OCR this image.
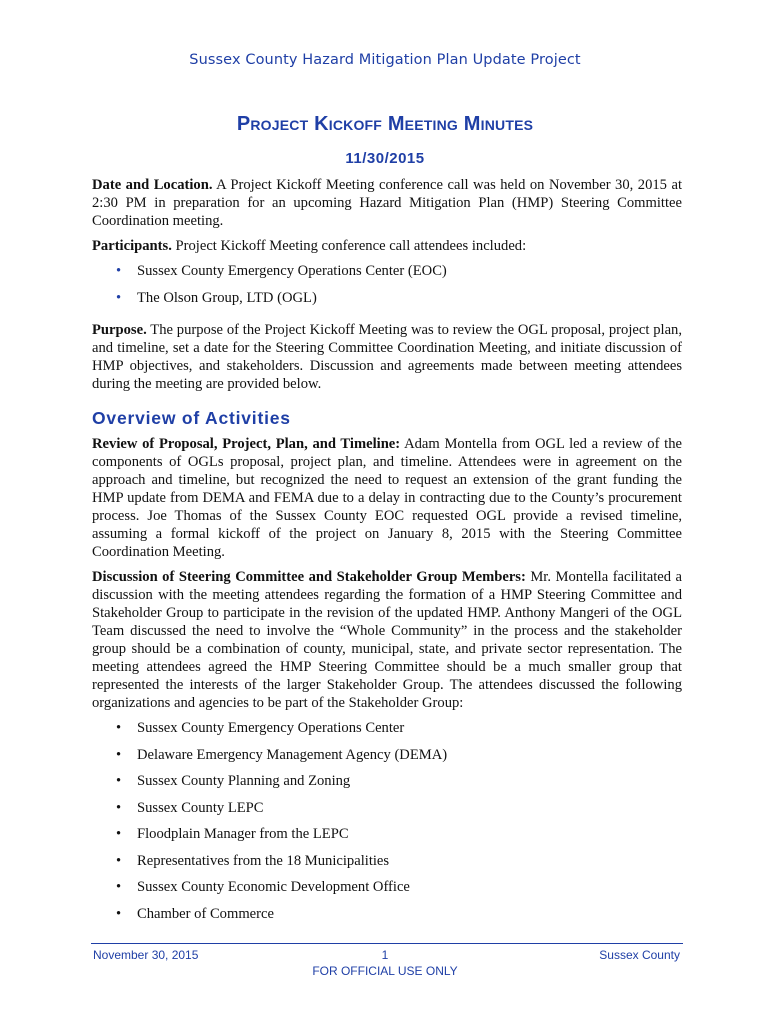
Sussex County Hazard Mitigation Plan Update Project
Project Kickoff Meeting Minutes
11/30/2015

Date and Location. A Project Kickoff Meeting conference call was held on November 30, 2015 at 2:30 PM in preparation for an upcoming Hazard Mitigation Plan (HMP) Steering Committee Coordination meeting.

Participants. Project Kickoff Meeting conference call attendees included:

• Sussex County Emergency Operations Center (EOC)
• The Olson Group, LTD (OGL)

Purpose. The purpose of the Project Kickoff Meeting was to review the OGL proposal, project plan, and timeline, set a date for the Steering Committee Coordination Meeting, and initiate discussion of HMP objectives, and stakeholders. Discussion and agreements made between meeting attendees during the meeting are provided below.

Overview of Activities

Review of Proposal, Project, Plan, and Timeline: Adam Montella from OGL led a review of the components of OGLs proposal, project plan, and timeline. Attendees were in agreement on the approach and timeline, but recognized the need to request an extension of the grant funding the HMP update from DEMA and FEMA due to a delay in contracting due to the County’s procurement process. Joe Thomas of the Sussex County EOC requested OGL provide a revised timeline, assuming a formal kickoff of the project on January 8, 2015 with the Steering Committee Coordination Meeting.

Discussion of Steering Committee and Stakeholder Group Members: Mr. Montella facilitated a discussion with the meeting attendees regarding the formation of a HMP Steering Committee and Stakeholder Group to participate in the revision of the updated HMP. Anthony Mangeri of the OGL Team discussed the need to involve the “Whole Community” in the process and the stakeholder group should be a combination of county, municipal, state, and private sector representation. The meeting attendees agreed the HMP Steering Committee should be a much smaller group that represented the interests of the larger Stakeholder Group. The attendees discussed the following organizations and agencies to be part of the Stakeholder Group:

• Sussex County Emergency Operations Center
• Delaware Emergency Management Agency (DEMA)
• Sussex County Planning and Zoning
• Sussex County LEPC
• Floodplain Manager from the LEPC
• Representatives from the 18 Municipalities
• Sussex County Economic Development Office
• Chamber of Commerce
November 30, 2015	1	Sussex County
FOR OFFICIAL USE ONLY
